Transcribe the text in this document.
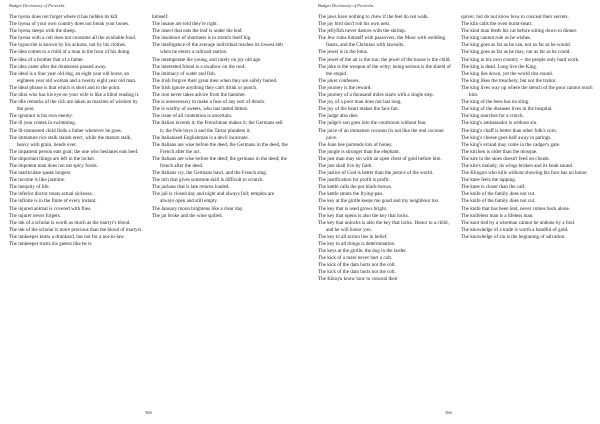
Budget Dictionary of Proverbs

The hyena does not forget where it has hidden its kill.

The hyena of your own country does not break your bones.

The hyena sleeps with the sheep.

The hyena with a cub does not consume all the available food.

The hypocrite is known by his actions, not by his clothes.

The idea comes to a child of a man in the hour of his doing.

The idea of a brother that of a father.

The idea came after the drunkness passed away.

The ideal is a four year old dog, an eight year old horse, an eighteen year old woman and a twenty eight year old man.

The ideal phrase is that which is short and to the point.

The idiot who has his eye on your wife is like a blind reading it.

The idle remarks of the rich are taken as maxims of wisdom by the poor.

The ignorant is his own enemy.

The ill year comes in swimming.

The ill-mannered child finds a father wherever he goes.

The immature rice stalk stands erect, while the mature stalk, heavy with grain, bends over.

The impatient person eats goat; the one who hesitates eats beef.

The important things are left in the locker.

The impotent man does not eat spicy foods.

The inarticulate speak longest.

The income is like jasmine.

The inequity of life.

The inferior doctor treats actual sickness.

The infinite is in the finite of every instant.

The injured animal is covered with flies.

The injurer never forgets.

The ink of a scholar is worth as much as the martyr's blood.

The ink of the scholar is more precious than the blood of martyrs.

The innkeeper knew a drunkard, but not for a not-in-law.

The innkeeper trusts his guests like he is

himself.

The insane are told they're right.

The insect that eats the leaf is under the leaf.

The insolence of shortness is to stretch itself big.

The intelligence of the average individual reaches its lowest ebb when he enters a railroad station.

The intemperate die young, and rarely on joy old age.

The interested friend is a swallow on the roof.

The intimacy of water and fish.

The Irish forgive their great men when they are safely buried.

The Irish ignore anything they can't drink or punch.

The iron never takes advice from the hammer.

The is unnecessary to make a fuse of any sort of thrash.

The is worthy of sweets, who has tasted bitters.

The issue of all contention is uncertain.

The Italian invents it; the Frenchman makes it; the Germans sell it; the Pole buys it and the Tartar plunders it.

The Italianised Englishman is a devil incarnate.

The Italians are wise before the deed, the Germans in the deed, the French after the act.

The Italians are wise before the deed; the germans in the deed; the french after the deed.

The Italians cry, the Germans bawl, and the French sing.

The itch that gives someone skill is difficult to scratch.

The jackass that is late returns loaded.

The jail is closed day and night and always full; temples are always open and still empty.

The January moon brightens like a clear day.

The jar broke and the wine spilled.

366
Budget Dictionary of Proverbs

The jaws have nothing to chew if the feet do not walk.

The jay bird don't rob his own nest.

The jellyfish never dances with the shrimp.

The Jew ruins himself with passovers, the Moor with wedding feasts, and the Christian with lawsuits.

The jewel is in the lotus.

The jewel of the air is the sun; the jewel of the house is the child.

The joke is the weapon of the witty; being serious is the shield of the stupid.

The joker confesses.

The journey is the reward.

The journey of a thousand miles starts with a single step.

The joy of a poor man does not last long.

The joy of the heart makes the face fair.

The judge also dies.

The judge's son goes into the courtroom without fear.

The juice of an immature coconut (is not like the real coconut juice.

The June bee portends lots of honey.

The jungle is stronger than the elephant.

The just man may sin with an open chest of gold before him.

The just shall live by faith.

The justice of God is better than the justice of the world.

The justification for profit is profit.

The kettle calls the pot black-brows.

The kettle smuts the frying-pan.

The key at the girdle keeps me good and my neighbour too.

The key that is used grows bright.

The key that opens is also the key that locks.

The key that unlocks is also the key that locks. Honor to a child, and he will honor you.

The key to all action lies in belief.

The key to all things is determination.

The keys at the girdle, the dog in the larder.

The kick of a mare never hurt a colt.

The kick of the dam hurts not the colt.

The kick of the dam hurts not the colt.

The Kikuyu know how to conceal their

quiver, but do not know how to conceal their secrets.

The kiln calls the oven burnt-heart.

The kind man feeds his cat before sitting down to dinner.

The king cannot rule as he wishes.

The king goes as far as he can, not so far as he would.

The king goes as far as he may, not as far as he could.

The king in his own country -- the people only hard work.

The king is dead. Long live the King.

The king lies down, yet the world rins round.

The king likes the treachery, but not the traitor.

The king lives way up where the stench of the poor cannot reach him.

The king of the bees has no sting.

The king of the diseases lives in the hospital.

The king searches for a crutch.

The king's ambassador is without sin.

The king's chaff is better than other folk's corn.

The king's cheese goes half away in parings.

The king's errand may come in the cadger's gate.

The kitchen is older than the mosque.

The kite in the skies doesn't feed on clouds.

The kite's malady, its wings broken and its beak sound.

The Klingon who kills without showing his face has no honor.

The knee feels the tapping.

The knee is closer than the calf.

The knife of the family does not cut.

The knife of the family does not cut.

The knife that has been lent, never comes back alone.

The knifeless man is a lifeless man.

The knot tied by a wiseman cannot be undone by a fool.

The knowledge of a trade is worth a handful of gold.

The knowledge of sin is the beginning of salvation.

366
